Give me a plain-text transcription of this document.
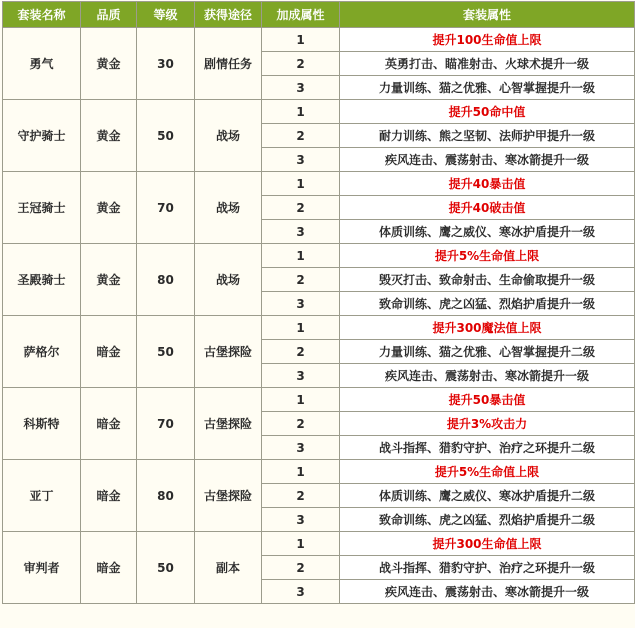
套装名称	品质	等级	获得途径	加成属性	套装属性
勇气	黄金	30	剧情任务	1	提升100生命值上限
				2	英勇打击、瞄准射击、火球术提升一级
				3	力量训练、猫之优雅、心智掌握提升一级
守护骑士	黄金	50	战场	1	提升50命中值
				2	耐力训练、熊之坚韧、法师护甲提升一级
				3	疾风连击、震荡射击、寒冰箭提升一级
王冠骑士	黄金	70	战场	1	提升40暴击值
				2	提升40破击值
				3	体质训练、鹰之威仪、寒冰护盾提升一级
圣殿骑士	黄金	80	战场	1	提升5%生命值上限
				2	毁灭打击、致命射击、生命偷取提升一级
				3	致命训练、虎之凶猛、烈焰护盾提升一级
萨格尔	暗金	50	古堡探险	1	提升300魔法值上限
				2	力量训练、猫之优雅、心智掌握提升二级
				3	疾风连击、震荡射击、寒冰箭提升一级
科斯特	暗金	70	古堡探险	1	提升50暴击值
				2	提升3%攻击力
				3	战斗指挥、猎豹守护、治疗之环提升二级
亚丁	暗金	80	古堡探险	1	提升5%生命值上限
				2	体质训练、鹰之威仪、寒冰护盾提升二级
				3	致命训练、虎之凶猛、烈焰护盾提升二级
审判者	暗金	50	副本	1	提升300生命值上限
				2	战斗指挥、猎豹守护、治疗之环提升一级
				3	疾风连击、震荡射击、寒冰箭提升一级
